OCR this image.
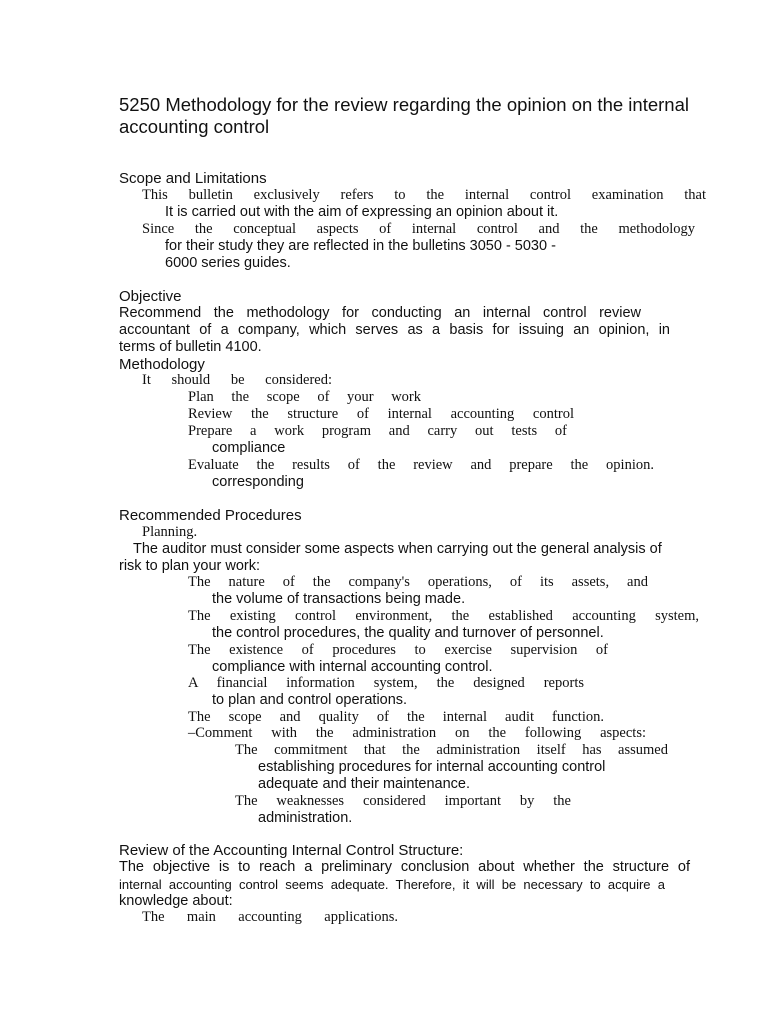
5250 Methodology for the review regarding the opinion on the internal accounting control
Scope and Limitations
This bulletin exclusively refers to the internal control examination that
It is carried out with the aim of expressing an opinion about it.
Since the conceptual aspects of internal control and the methodology
for their study they are reflected in the bulletins 3050 - 5030 -
6000 series guides.
Objective
Recommend the methodology for conducting an internal control review
accountant of a company, which serves as a basis for issuing an opinion, in
terms of bulletin 4100.
Methodology
It should be considered:
Plan the scope of your work
Review the structure of internal accounting control
Prepare a work program and carry out tests of
compliance
Evaluate the results of the review and prepare the opinion.
corresponding
Recommended Procedures
Planning.
The auditor must consider some aspects when carrying out the general analysis of
risk to plan your work:
The nature of the company's operations, of its assets, and
the volume of transactions being made.
The existing control environment, the established accounting system,
the control procedures, the quality and turnover of personnel.
The existence of procedures to exercise supervision of
compliance with internal accounting control.
A financial information system, the designed reports
to plan and control operations.
The scope and quality of the internal audit function.
–Comment with the administration on the following aspects:
The commitment that the administration itself has assumed
establishing procedures for internal accounting control
adequate and their maintenance.
The weaknesses considered important by the
administration.
Review of the Accounting Internal Control Structure:
The objective is to reach a preliminary conclusion about whether the structure of
internal accounting control seems adequate. Therefore, it will be necessary to acquire a
knowledge about:
The main accounting applications.
